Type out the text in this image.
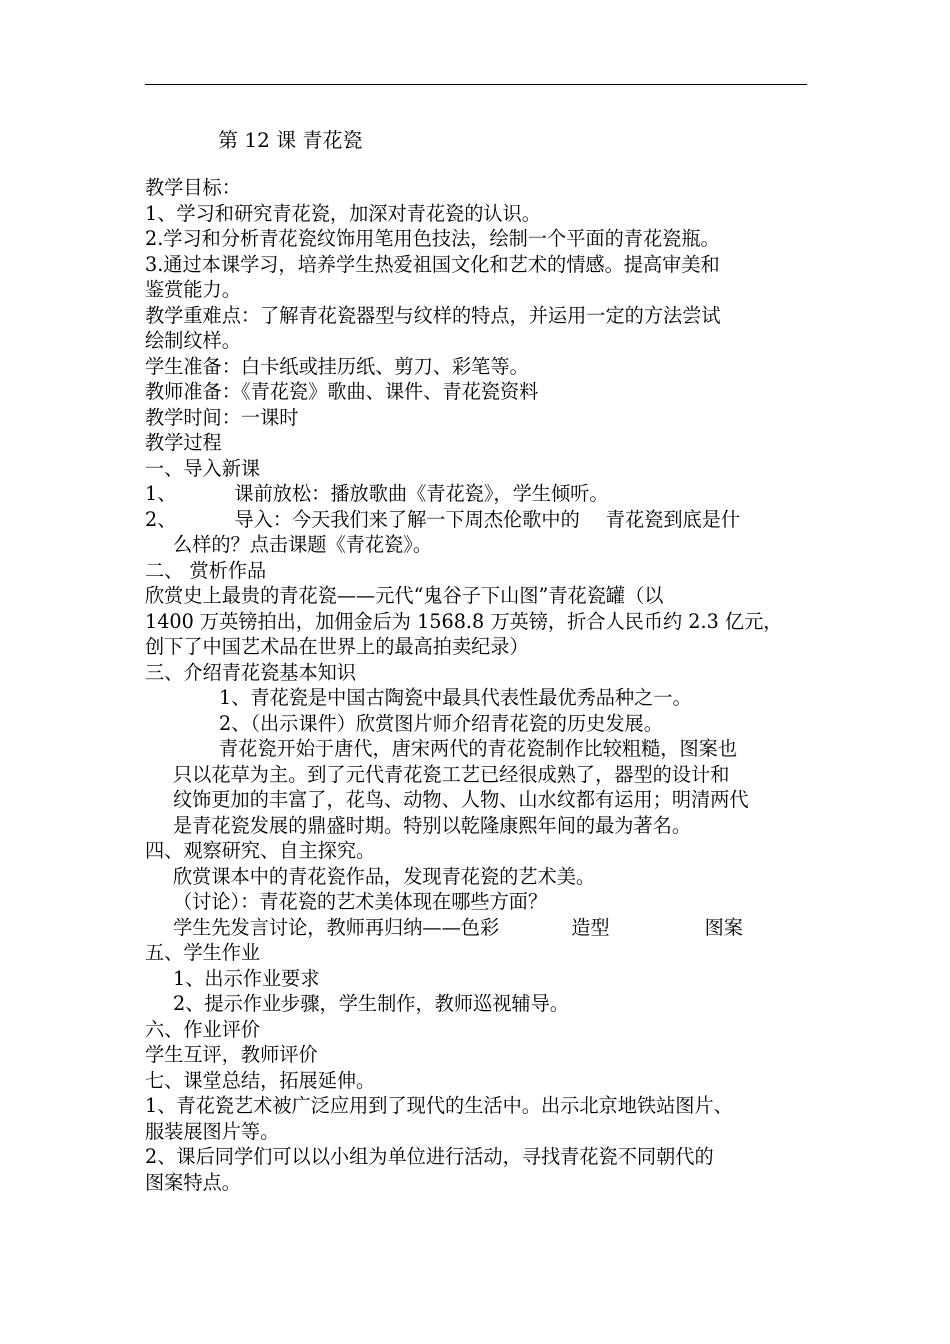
第 12 课 青花瓷
教学目标：
1、学习和研究青花瓷，加深对青花瓷的认识。
2.学习和分析青花瓷纹饰用笔用色技法，绘制一个平面的青花瓷瓶。
3.通过本课学习，培养学生热爱祖国文化和艺术的情感。提高审美和
鉴赏能力。
教学重难点：了解青花瓷器型与纹样的特点，并运用一定的方法尝试
绘制纹样。
学生准备：白卡纸或挂历纸、剪刀、彩笔等。
教师准备：《青花瓷》歌曲、课件、青花瓷资料
教学时间：一课时
教学过程
一、导入新课
1、	课前放松：播放歌曲《青花瓷》，学生倾听。
2、	导入：今天我们来了解一下周杰伦歌中的 青花瓷到底是什
么样的？点击课题《青花瓷》。
二、 赏析作品
欣赏史上最贵的青花瓷——元代“鬼谷子下山图”青花瓷罐（以
1400 万英镑拍出，加佣金后为 1568.8 万英镑，折合人民币约 2.3 亿元，
创下了中国艺术品在世界上的最高拍卖纪录）
三、介绍青花瓷基本知识
1、青花瓷是中国古陶瓷中最具代表性最优秀品种之一。
2、（出示课件）欣赏图片师介绍青花瓷的历史发展。
青花瓷开始于唐代，唐宋两代的青花瓷制作比较粗糙，图案也
只以花草为主。到了元代青花瓷工艺已经很成熟了，器型的设计和
纹饰更加的丰富了，花鸟、动物、人物、山水纹都有运用；明清两代
是青花瓷发展的鼎盛时期。特别以乾隆康熙年间的最为著名。
四、观察研究、自主探究。
欣赏课本中的青花瓷作品，发现青花瓷的艺术美。
（讨论）：青花瓷的艺术美体现在哪些方面？
学生先发言讨论，教师再归纳——色彩	造型	图案
五、学生作业
1、出示作业要求
2、提示作业步骤，学生制作，教师巡视辅导。
六、作业评价
学生互评，教师评价
七、课堂总结，拓展延伸。
1、青花瓷艺术被广泛应用到了现代的生活中。出示北京地铁站图片、
服装展图片等。
2、课后同学们可以以小组为单位进行活动，寻找青花瓷不同朝代的
图案特点。
